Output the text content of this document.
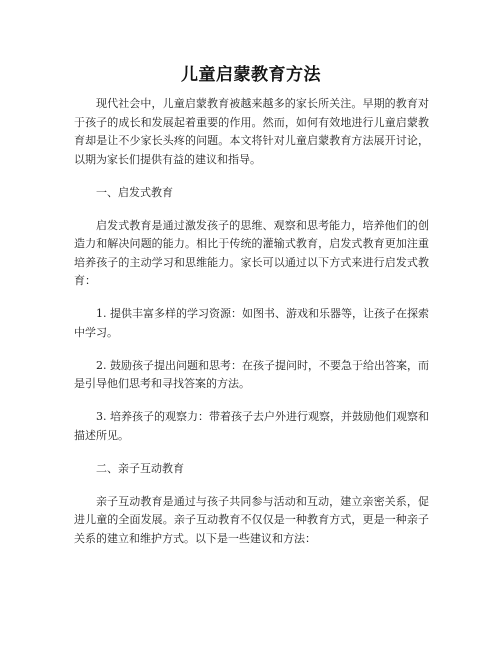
儿童启蒙教育方法

现代社会中，儿童启蒙教育被越来越多的家长所关注。早期的教育对于孩子的成长和发展起着重要的作用。然而，如何有效地进行儿童启蒙教育却是让不少家长头疼的问题。本文将针对儿童启蒙教育方法展开讨论，以期为家长们提供有益的建议和指导。

一、启发式教育

启发式教育是通过激发孩子的思维、观察和思考能力，培养他们的创造力和解决问题的能力。相比于传统的灌输式教育，启发式教育更加注重培养孩子的主动学习和思维能力。家长可以通过以下方式来进行启发式教育：

1. 提供丰富多样的学习资源：如图书、游戏和乐器等，让孩子在探索中学习。

2. 鼓励孩子提出问题和思考：在孩子提问时，不要急于给出答案，而是引导他们思考和寻找答案的方法。

3. 培养孩子的观察力：带着孩子去户外进行观察，并鼓励他们观察和描述所见。

二、亲子互动教育

亲子互动教育是通过与孩子共同参与活动和互动，建立亲密关系，促进儿童的全面发展。亲子互动教育不仅仅是一种教育方式，更是一种亲子关系的建立和维护方式。以下是一些建议和方法：
